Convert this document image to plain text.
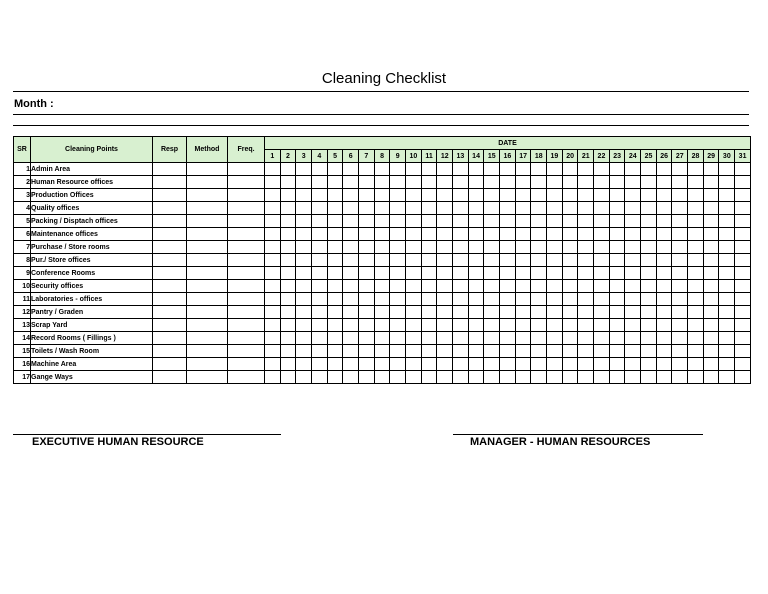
Cleaning Checklist
Month :
SR	Cleaning Points	Resp	Method	Freq.	DATE																														
					1	2	3	4	5	6	7	8	9	10	11	12	13	14	15	16	17	18	19	20	21	22	23	24	25	26	27	28	29	30	31
1	Admin Area																																		
2	Human Resource offices																																		
3	Production Offices																																		
4	Quality offices																																		
5	Packing / Disptach offices																																		
6	Maintenance offices																																		
7	Purchase / Store rooms																																		
8	Pur./ Store offices																																		
9	Conference Rooms																																		
10	Security offices																																		
11	Laboratories - offices																																		
12	Pantry / Graden																																		
13	Scrap Yard																																		
14	Record Rooms ( Fillings )																																		
15	Toilets / Wash Room																																		
16	Machine Area																																		
17	Gange Ways																																		
EXECUTIVE HUMAN RESOURCE	MANAGER - HUMAN RESOURCES
